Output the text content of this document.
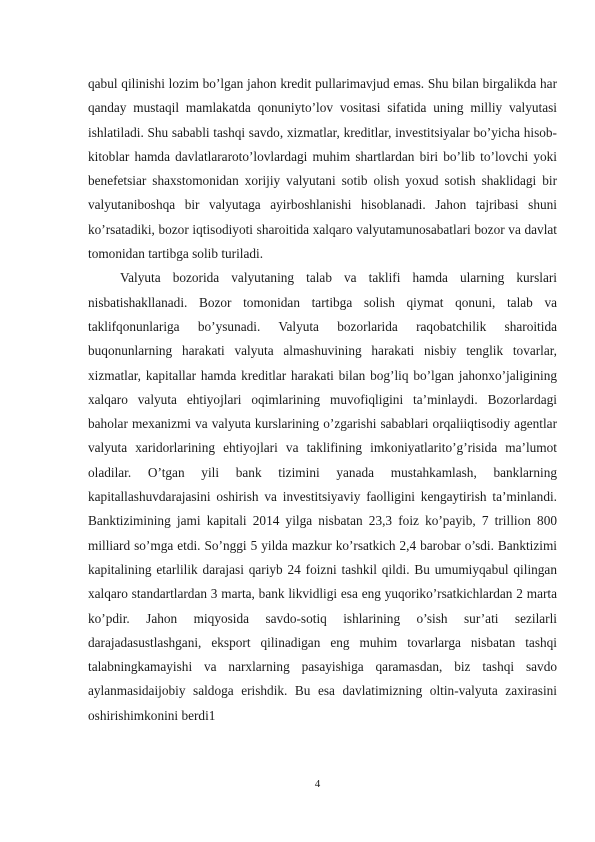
qabul qilinishi lozim bo’lgan jahon kredit pullarimavjud emas. Shu bilan birgalikda har qanday mustaqil mamlakatda qonuniyto’lov vositasi sifatida uning milliy valyutasi ishlatiladi. Shu sababli tashqi savdo, xizmatlar, kreditlar, investitsiyalar bo’yicha hisob-kitoblar hamda davlatlararoto’lovlardagi muhim shartlardan biri bo’lib to’lovchi yoki benefetsiar shaxstomonidan xorijiy valyutani sotib olish yoxud sotish shaklidagi bir valyutaniboshqa bir valyutaga ayirboshlanishi hisoblanadi. Jahon tajribasi shuni ko’rsatadiki, bozor iqtisodiyoti sharoitida xalqaro valyutamunosabatlari bozor va davlat tomonidan tartibga solib turiladi.

Valyuta bozorida valyutaning talab va taklifi hamda ularning kurslari nisbatishakllanadi. Bozor tomonidan tartibga solish qiymat qonuni, talab va taklifqonunlariga bo’ysunadi. Valyuta bozorlarida raqobatchilik sharoitida buqonunlarning harakati valyuta almashuvining harakati nisbiy tenglik tovarlar, xizmatlar, kapitallar hamda kreditlar harakati bilan bog’liq bo’lgan jahonxo’jaligining xalqaro valyuta ehtiyojlari oqimlarining muvofiqligini ta’minlaydi. Bozorlardagi baholar mexanizmi va valyuta kurslarining o’zgarishi sabablari orqaliiqtisodiy agentlar valyuta xaridorlarining ehtiyojlari va taklifining imkoniyatlarito’g’risida ma’lumot oladilar. O’tgan yili bank tizimini yanada mustahkamlash, banklarning kapitallashuvdarajasini oshirish va investitsiyaviy faolligini kengaytirish ta’minlandi. Banktizimining jami kapitali 2014 yilga nisbatan 23,3 foiz ko’payib, 7 trillion 800 milliard so’mga etdi. So’nggi 5 yilda mazkur ko’rsatkich 2,4 barobar o’sdi. Banktizimi kapitalining etarlilik darajasi qariyb 24 foizni tashkil qildi. Bu umumiyqabul qilingan xalqaro standartlardan 3 marta, bank likvidligi esa eng yuqoriko’rsatkichlardan 2 marta ko’pdir. Jahon miqyosida savdo-sotiq ishlarining o’sish sur’ati sezilarli darajadasustlashgani, eksport qilinadigan eng muhim tovarlarga nisbatan tashqi talabningkamayishi va narxlarning pasayishiga qaramasdan, biz tashqi savdo aylanmasidaijobiy saldoga erishdik. Bu esa davlatimizning oltin-valyuta zaxirasini oshirishimkonini berdi1

4
